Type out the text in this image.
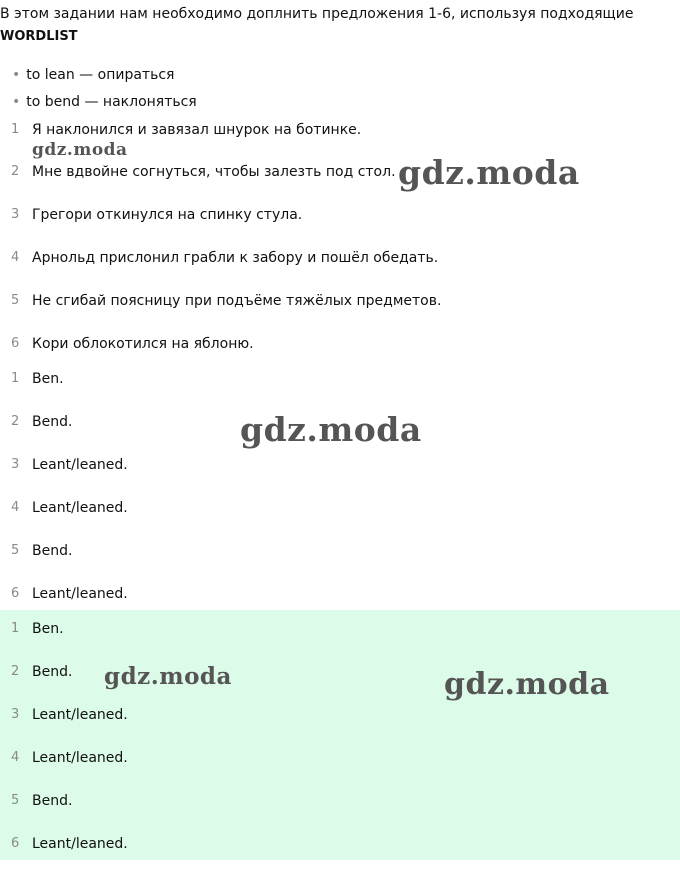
В этом задании нам необходимо доплнить предложения 1-6, используя подходящие
WORDLIST
• to lean — опираться
• to bend — наклоняться
1 Я наклонился и завязал шнурок на ботинке.
2 Мне вдвойне согнуться, чтобы залезть под стол.
3 Грегори откинулся на спинку стула.
4 Арнольд прислонил грабли к забору и пошёл обедать.
5 Не сгибай поясницу при подъёме тяжёлых предметов.
6 Кори облокотился на яблоню.
1 Ben.
2 Bend.
3 Leant/leaned.
4 Leant/leaned.
5 Bend.
6 Leant/leaned.
1 Ben.
2 Bend.
3 Leant/leaned.
4 Leant/leaned.
5 Bend.
6 Leant/leaned.
gdz.moda
gdz.moda
gdz.moda
gdz.moda	gdz.moda
